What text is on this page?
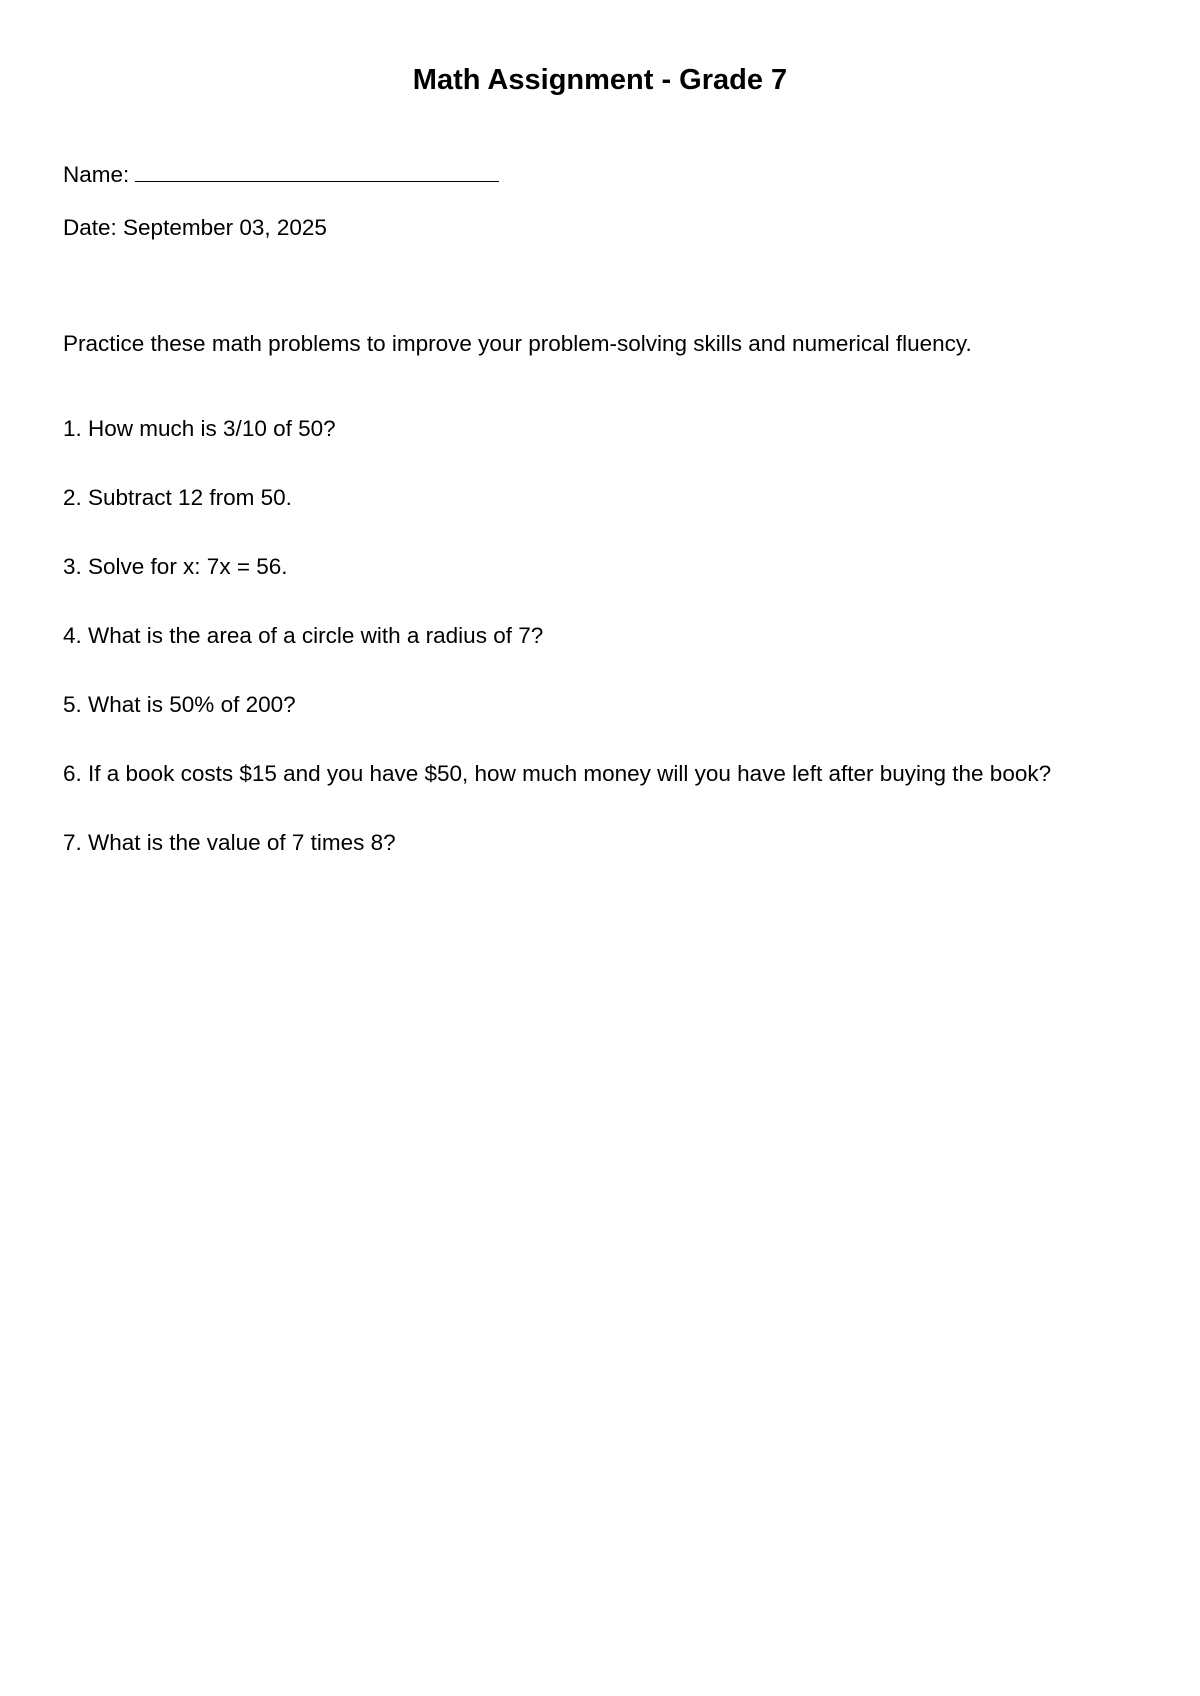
Math Assignment - Grade 7

Name:

Date: September 03, 2025

Practice these math problems to improve your problem-solving skills and numerical fluency.

1. How much is 3/10 of 50?

2. Subtract 12 from 50.

3. Solve for x: 7x = 56.

4. What is the area of a circle with a radius of 7?

5. What is 50% of 200?

6. If a book costs $15 and you have $50, how much money will you have left after buying the book?

7. What is the value of 7 times 8?
